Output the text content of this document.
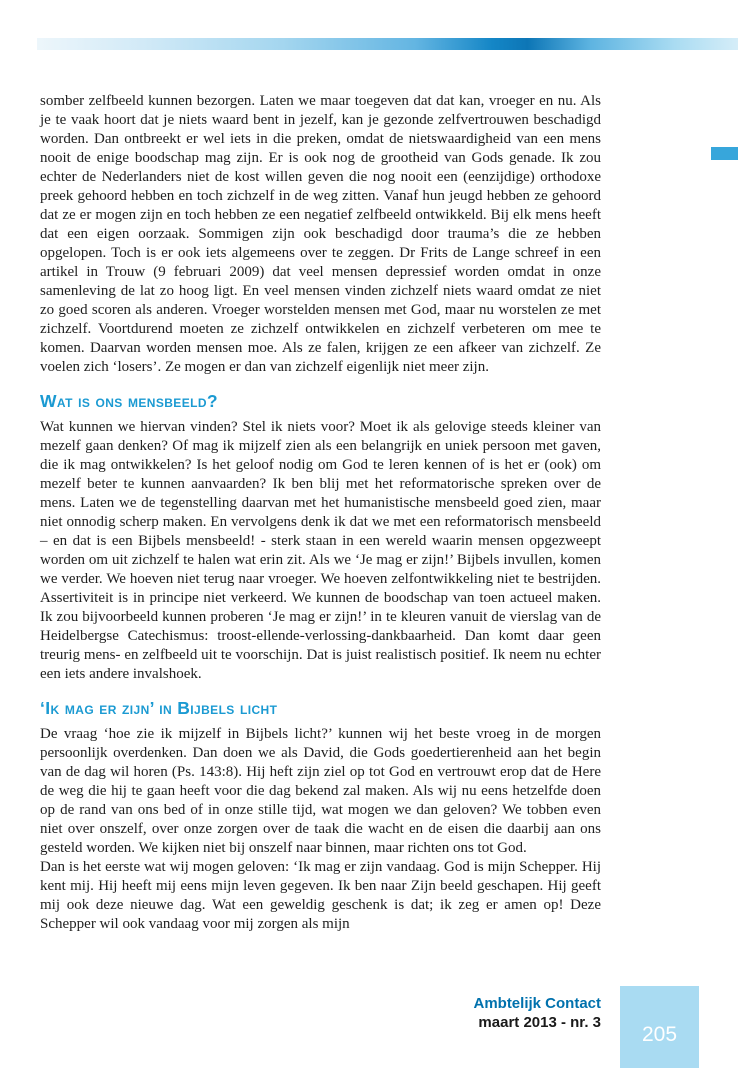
somber zelfbeeld kunnen bezorgen. Laten we maar toegeven dat dat kan, vroeger en nu. Als je te vaak hoort dat je niets waard bent in jezelf, kan je gezonde zelfvertrouwen beschadigd worden. Dan ontbreekt er wel iets in die preken, omdat de nietswaardigheid van een mens nooit de enige boodschap mag zijn. Er is ook nog de grootheid van Gods genade. Ik zou echter de Nederlanders niet de kost willen geven die nog nooit een (eenzijdige) orthodoxe preek gehoord hebben en toch zichzelf in de weg zitten. Vanaf hun jeugd hebben ze gehoord dat ze er mogen zijn en toch hebben ze een negatief zelfbeeld ontwikkeld. Bij elk mens heeft dat een eigen oorzaak. Sommigen zijn ook beschadigd door trauma’s die ze hebben opgelopen. Toch is er ook iets algemeens over te zeggen. Dr Frits de Lange schreef in een artikel in Trouw (9 februari 2009) dat veel mensen depressief worden omdat in onze samenleving de lat zo hoog ligt. En veel mensen vinden zichzelf niets waard omdat ze niet zo goed scoren als anderen. Vroeger worstelden mensen met God, maar nu worstelen ze met zichzelf. Voortdurend moeten ze zichzelf ontwikkelen en zichzelf verbeteren om mee te komen. Daarvan worden mensen moe. Als ze falen, krijgen ze een afkeer van zichzelf. Ze voelen zich ‘losers’. Ze mogen er dan van zichzelf eigenlijk niet meer zijn.

Wat is ons mensbeeld?

Wat kunnen we hiervan vinden? Stel ik niets voor? Moet ik als gelovige steeds kleiner van mezelf gaan denken? Of mag ik mijzelf zien als een belangrijk en uniek persoon met gaven, die ik mag ontwikkelen? Is het geloof nodig om God te leren kennen of is het er (ook) om mezelf beter te kunnen aanvaarden? Ik ben blij met het reformatorische spreken over de mens. Laten we de tegenstelling daarvan met het humanistische mensbeeld goed zien, maar niet onnodig scherp maken. En vervolgens denk ik dat we met een reformatorisch mensbeeld – en dat is een Bijbels mensbeeld! - sterk staan in een wereld waarin mensen opgezweept worden om uit zichzelf te halen wat erin zit. Als we ‘Je mag er zijn!’ Bijbels invullen, komen we verder. We hoeven niet terug naar vroeger. We hoeven zelfontwikkeling niet te bestrijden. Assertiviteit is in principe niet verkeerd. We kunnen de boodschap van toen actueel maken. Ik zou bijvoorbeeld kunnen proberen ‘Je mag er zijn!’ in te kleuren vanuit de vierslag van de Heidelbergse Catechismus: troost-ellende-verlossing-dankbaarheid. Dan komt daar geen treurig mens- en zelfbeeld uit te voorschijn. Dat is juist realistisch positief. Ik neem nu echter een iets andere invalshoek.

‘Ik mag er zijn’ in Bijbels licht

De vraag ‘hoe zie ik mijzelf in Bijbels licht?’ kunnen wij het beste vroeg in de morgen persoonlijk overdenken. Dan doen we als David, die Gods goedertierenheid aan het begin van de dag wil horen (Ps. 143:8). Hij heft zijn ziel op tot God en vertrouwt erop dat de Here de weg die hij te gaan heeft voor die dag bekend zal maken. Als wij nu eens hetzelfde doen op de rand van ons bed of in onze stille tijd, wat mogen we dan geloven? We tobben even niet over onszelf, over onze zorgen over de taak die wacht en de eisen die daarbij aan ons gesteld worden. We kijken niet bij onszelf naar binnen, maar richten ons tot God.

Dan is het eerste wat wij mogen geloven: ‘Ik mag er zijn vandaag. God is mijn Schepper. Hij kent mij. Hij heeft mij eens mijn leven gegeven. Ik ben naar Zijn beeld geschapen. Hij geeft mij ook deze nieuwe dag. Wat een geweldig geschenk is dat; ik zeg er amen op! Deze Schepper wil ook vandaag voor mij zorgen als mijn

Ambtelijk Contact
maart 2013 - nr. 3
205
